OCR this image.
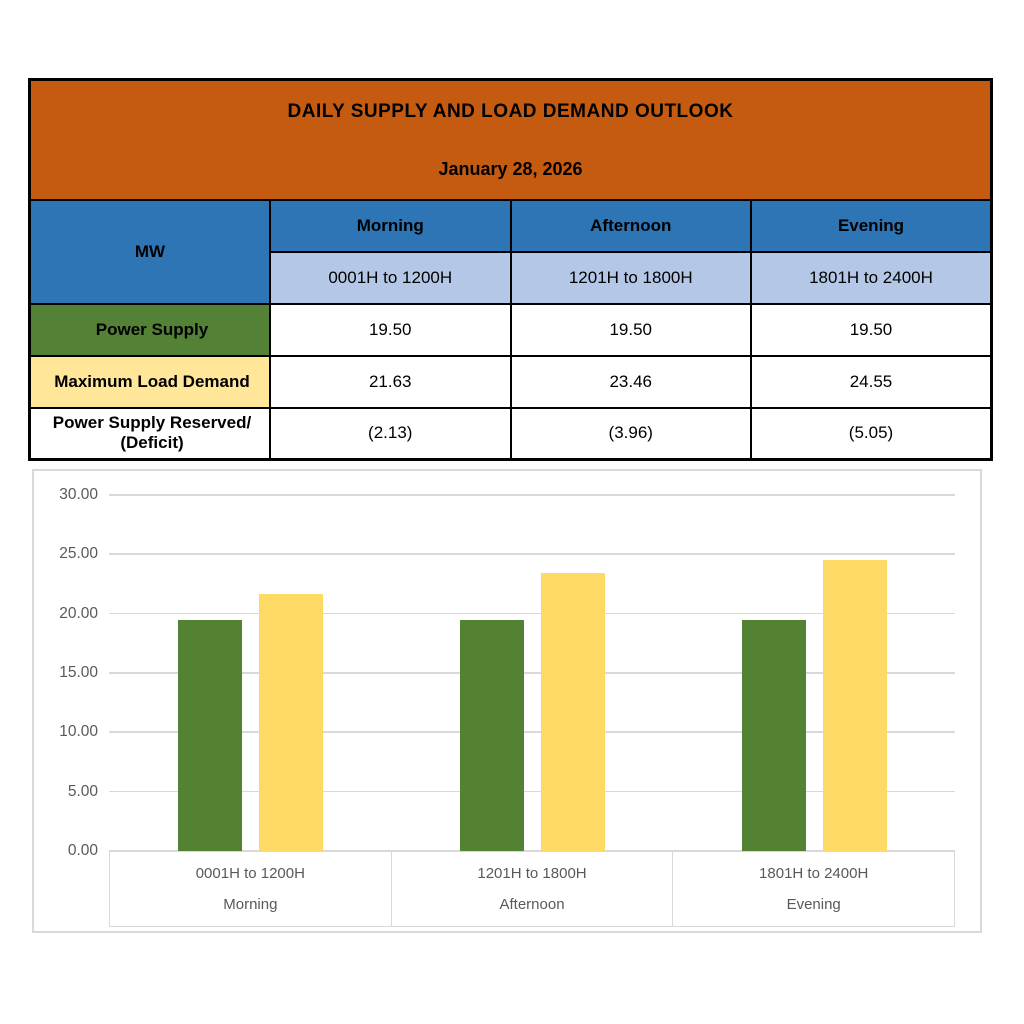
DAILY SUPPLY AND LOAD DEMAND OUTLOOK
January 28, 2026			

MW	Morning	Afternoon	Evening
	0001H to 1200H	1201H to 1800H	1801H to 2400H
Power Supply	19.50	19.50	19.50
Maximum Load Demand	21.63	23.46	24.55
Power Supply Reserved/ (Deficit)	(2.13)	(3.96)	(5.05)
30.00
25.00
20.00
15.00
10.00
5.00
0.00
0001H to 1200H
Morning
1201H to 1800H
Afternoon
1801H to 2400H
Evening
